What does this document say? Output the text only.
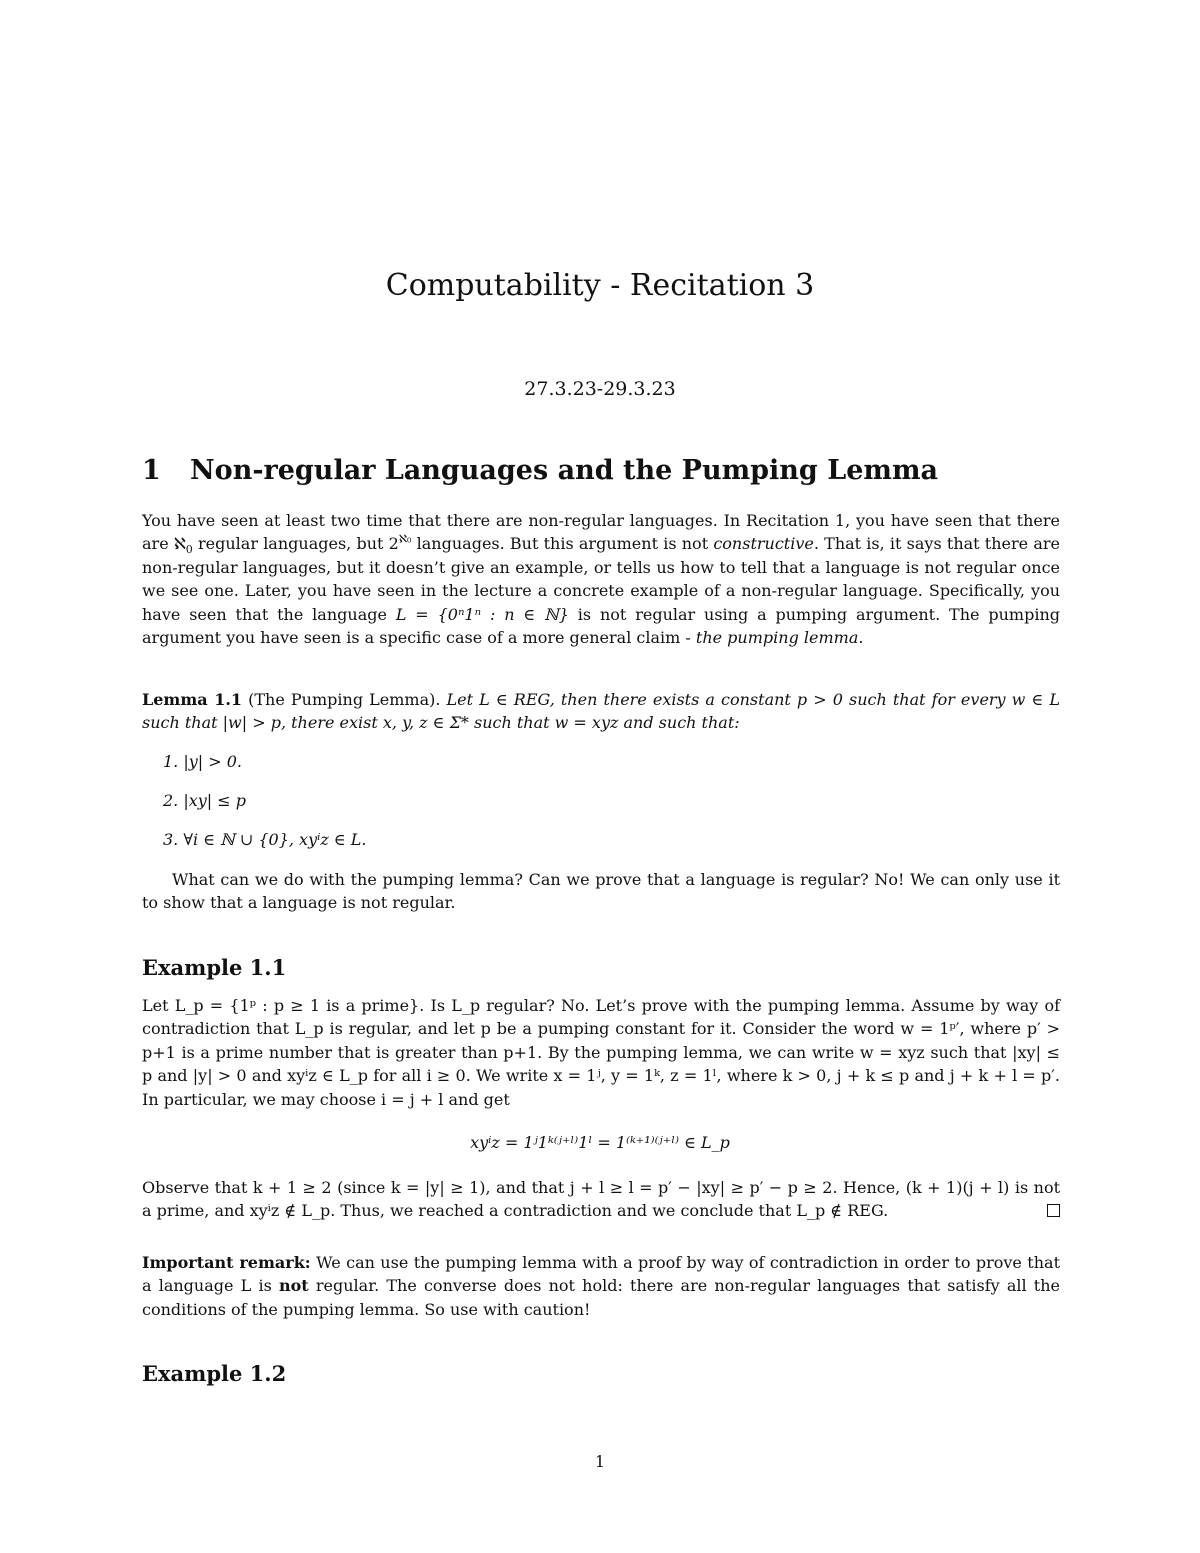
Computability - Recitation 3
27.3.23-29.3.23
1 Non-regular Languages and the Pumping Lemma

You have seen at least two time that there are non-regular languages. In Recitation 1, you have seen that there are ℵ$_0$ regular languages, but $2^{ℵ_0}$ languages. But this argument is not constructive. That is, it says that there are non-regular languages, but it doesn’t give an example, or tells us how to tell that a language is not regular once we see one. Later, you have seen in the lecture a concrete example of a non-regular language. Specifically, you have seen that the language L = {0ⁿ1ⁿ : n ∈ ℕ} is not regular using a pumping argument. The pumping argument you have seen is a specific case of a more general claim - the pumping lemma.

Lemma 1.1 (The Pumping Lemma). Let L ∈ REG, then there exists a constant p > 0 such that for every w ∈ L such that |w| > p, there exist x, y, z ∈ Σ* such that w = xyz and such that:

1. |y| > 0.
2. |xy| ≤ p
3. ∀i ∈ ℕ ∪ {0}, xyⁱz ∈ L.
What can we do with the pumping lemma? Can we prove that a language is regular? No! We can only use it to show that a language is not regular.
Example 1.1
Let L_p = {1ᵖ : p ≥ 1 is a prime}. Is L_p regular? No. Let’s prove with the pumping lemma. Assume by way of contradiction that L_p is regular, and let p be a pumping constant for it. Consider the word w = 1ᵖ′, where p′ > p+1 is a prime number that is greater than p+1. By the pumping lemma, we can write w = xyz such that |xy| ≤ p and |y| > 0 and xyⁱz ∈ L_p for all i ≥ 0. We write x = 1ʲ, y = 1ᵏ, z = 1ˡ, where k > 0, j + k ≤ p and j + k + l = p′. In particular, we may choose i = j + l and get
xyⁱz = 1ʲ1ᵏ⁽ʲ⁺ˡ⁾1ˡ = 1⁽ᵏ⁺¹⁾⁽ʲ⁺ˡ⁾ ∈ L_p
Observe that k + 1 ≥ 2 (since k = |y| ≥ 1), and that j + l ≥ l = p′ − |xy| ≥ p′ − p ≥ 2. Hence, (k + 1)(j + l) is not a prime, and xyⁱz ∉ L_p. Thus, we reached a contradiction and we conclude that L_p ∉ REG.

Important remark: We can use the pumping lemma with a proof by way of contradiction in order to prove that a language L is not regular. The converse does not hold: there are non-regular languages that satisfy all the conditions of the pumping lemma. So use with caution!

Example 1.2
1
